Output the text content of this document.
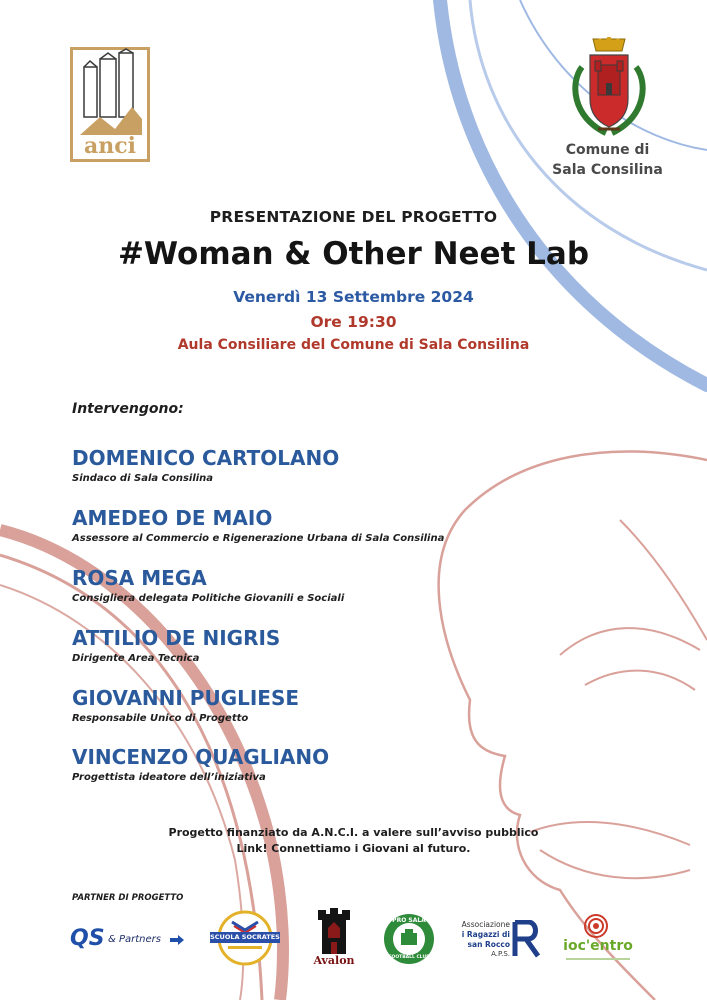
anci	Comune di
Sala Consilina
PRESENTAZIONE DEL PROGETTO
#Woman & Other Neet Lab
Venerdì 13 Settembre 2024
Ore 19:30
Aula Consiliare del Comune di Sala Consilina
Intervengono:
DOMENICO CARTOLANO
Sindaco di Sala Consilina
AMEDEO DE MAIO
Assessore al Commercio e Rigenerazione Urbana di Sala Consilina
ROSA MEGA
Consigliera delegata Politiche Giovanili e Sociali
ATTILIO DE NIGRIS
Dirigente Area Tecnica
GIOVANNI PUGLIESE
Responsabile Unico di Progetto
VINCENZO QUAGLIANO
Progettista ideatore dell’iniziativa
Progetto finanziato da A.N.C.I. a valere sull’avviso pubblico
Link! Connettiamo i Giovani al futuro.
PARTNER DI PROGETTO
QS & Partners	SCUOLA SOCRATES
Avalon
PRO SALA
FOOTBALL CLUB
Associazione
i Ragazzi di
san Rocco
A.P.S.	ioc'entro
